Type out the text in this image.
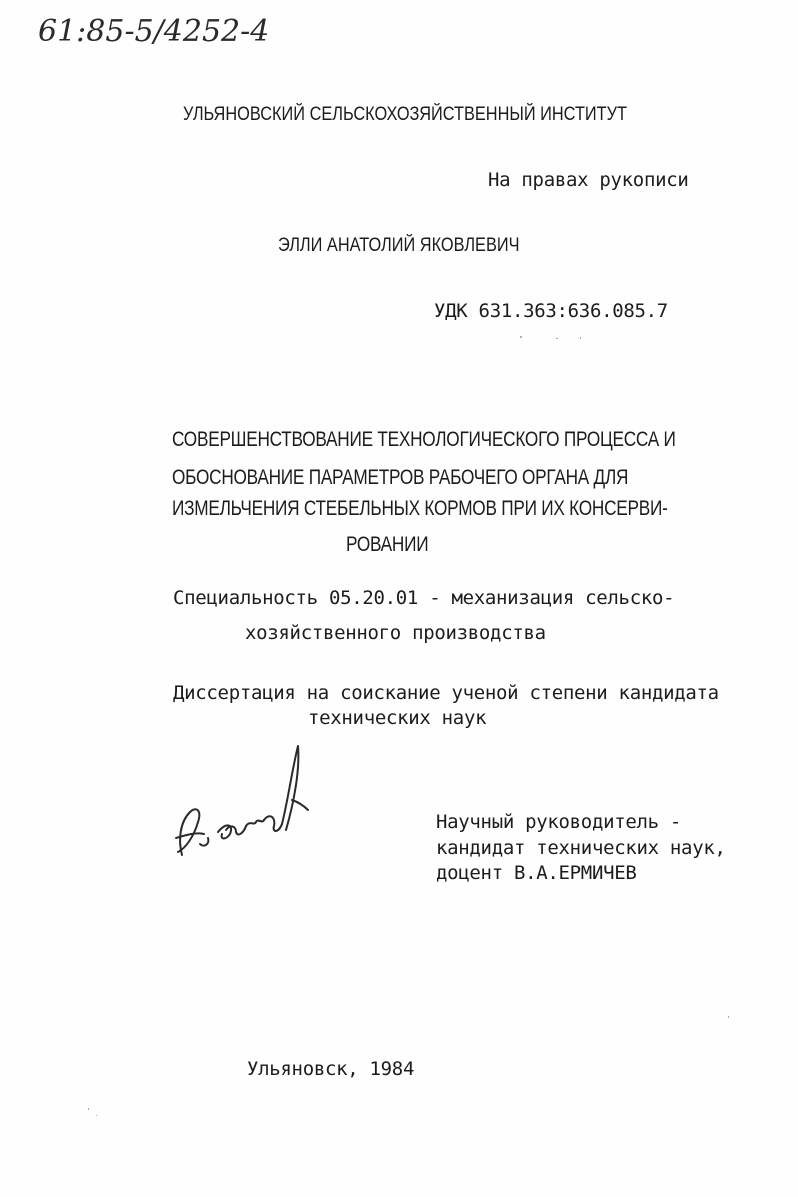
61:85-5/4252-4
УЛЬЯНОВСКИЙ СЕЛЬСКОХОЗЯЙСТВЕННЫЙ ИНСТИТУТ
На правах рукописи
ЭЛЛИ АНАТОЛИЙ ЯКОВЛЕВИЧ
УДК 631.363:636.085.7
СОВЕРШЕНСТВОВАНИЕ ТЕХНОЛОГИЧЕСКОГО ПРОЦЕССА И
ОБОСНОВАНИЕ ПАРАМЕТРОВ РАБОЧЕГО ОРГАНА ДЛЯ
ИЗМЕЛЬЧЕНИЯ СТЕБЕЛЬНЫХ КОРМОВ ПРИ ИХ КОНСЕРВИ-
РОВАНИИ
Специальность 05.20.01 - механизация сельско-
хозяйственного производства
Диссертация на соискание ученой степени кандидата
технических наук
Научный руководитель -
кандидат технических наук,
доцент В.А.ЕРМИЧЕВ
Ульяновск, 1984
